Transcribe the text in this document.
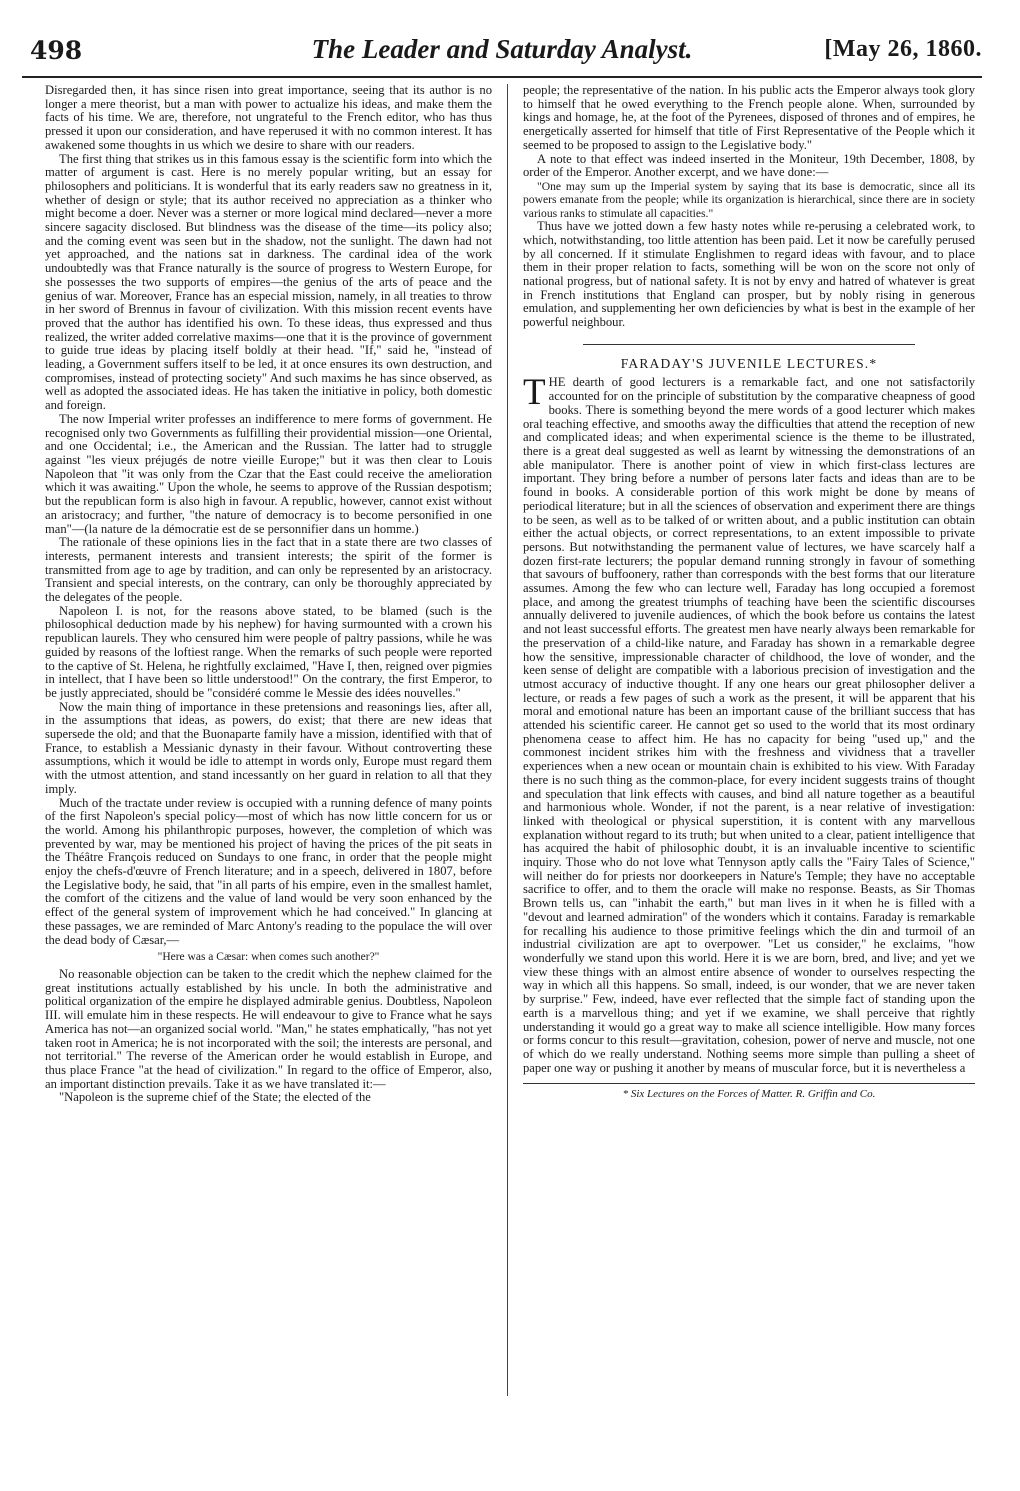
498	The Leader and Saturday Analyst.	[May 26, 1860.

Disregarded then, it has since risen into great importance, seeing that its author is no longer a mere theorist, but a man with power to actualize his ideas, and make them the facts of his time. We are, therefore, not ungrateful to the French editor, who has thus pressed it upon our consideration, and have reperused it with no common interest. It has awakened some thoughts in us which we desire to share with our readers.

The first thing that strikes us in this famous essay is the scientific form into which the matter of argument is cast. Here is no merely popular writing, but an essay for philosophers and politicians. It is wonderful that its early readers saw no greatness in it, whether of design or style; that its author received no appreciation as a thinker who might become a doer. Never was a sterner or more logical mind declared—never a more sincere sagacity disclosed. But blindness was the disease of the time—its policy also; and the coming event was seen but in the shadow, not the sunlight. The dawn had not yet approached, and the nations sat in darkness. The cardinal idea of the work undoubtedly was that France naturally is the source of progress to Western Europe, for she possesses the two supports of empires—the genius of the arts of peace and the genius of war. Moreover, France has an especial mission, namely, in all treaties to throw in her sword of Brennus in favour of civilization. With this mission recent events have proved that the author has identified his own. To these ideas, thus expressed and thus realized, the writer added correlative maxims—one that it is the province of government to guide true ideas by placing itself boldly at their head. "If," said he, "instead of leading, a Government suffers itself to be led, it at once ensures its own destruction, and compromises, instead of protecting society" And such maxims he has since observed, as well as adopted the associated ideas. He has taken the initiative in policy, both domestic and foreign.

The now Imperial writer professes an indifference to mere forms of government. He recognised only two Governments as fulfilling their providential mission—one Oriental, and one Occidental; i.e., the American and the Russian. The latter had to struggle against "les vieux préjugés de notre vieille Europe;" but it was then clear to Louis Napoleon that "it was only from the Czar that the East could receive the amelioration which it was awaiting." Upon the whole, he seems to approve of the Russian despotism; but the republican form is also high in favour. A republic, however, cannot exist without an aristocracy; and further, "the nature of democracy is to become personified in one man"—(la nature de la démocratie est de se personnifier dans un homme.)

The rationale of these opinions lies in the fact that in a state there are two classes of interests, permanent interests and transient interests; the spirit of the former is transmitted from age to age by tradition, and can only be represented by an aristocracy. Transient and special interests, on the contrary, can only be thoroughly appreciated by the delegates of the people.

Napoleon I. is not, for the reasons above stated, to be blamed (such is the philosophical deduction made by his nephew) for having surmounted with a crown his republican laurels. They who censured him were people of paltry passions, while he was guided by reasons of the loftiest range. When the remarks of such people were reported to the captive of St. Helena, he rightfully exclaimed, "Have I, then, reigned over pigmies in intellect, that I have been so little understood!" On the contrary, the first Emperor, to be justly appreciated, should be "considéré comme le Messie des idées nouvelles."

Now the main thing of importance in these pretensions and reasonings lies, after all, in the assumptions that ideas, as powers, do exist; that there are new ideas that supersede the old; and that the Buonaparte family have a mission, identified with that of France, to establish a Messianic dynasty in their favour. Without controverting these assumptions, which it would be idle to attempt in words only, Europe must regard them with the utmost attention, and stand incessantly on her guard in relation to all that they imply.

Much of the tractate under review is occupied with a running defence of many points of the first Napoleon's special policy—most of which has now little concern for us or the world. Among his philanthropic purposes, however, the completion of which was prevented by war, may be mentioned his project of having the prices of the pit seats in the Théâtre François reduced on Sundays to one franc, in order that the people might enjoy the chefs-d'œuvre of French literature; and in a speech, delivered in 1807, before the Legislative body, he said, that "in all parts of his empire, even in the smallest hamlet, the comfort of the citizens and the value of land would be very soon enhanced by the effect of the general system of improvement which he had conceived." In glancing at these passages, we are reminded of Marc Antony's reading to the populace the will over the dead body of Cæsar,—

"Here was a Cæsar: when comes such another?"

No reasonable objection can be taken to the credit which the nephew claimed for the great institutions actually established by his uncle. In both the administrative and political organization of the empire he displayed admirable genius. Doubtless, Napoleon III. will emulate him in these respects. He will endeavour to give to France what he says America has not—an organized social world. "Man," he states emphatically, "has not yet taken root in America; he is not incorporated with the soil; the interests are personal, and not territorial." The reverse of the American order he would establish in Europe, and thus place France "at the head of civilization." In regard to the office of Emperor, also, an important distinction prevails. Take it as we have translated it:—

"Napoleon is the supreme chief of the State; the elected of the

people; the representative of the nation. In his public acts the Emperor always took glory to himself that he owed everything to the French people alone. When, surrounded by kings and homage, he, at the foot of the Pyrenees, disposed of thrones and of empires, he energetically asserted for himself that title of First Representative of the People which it seemed to be proposed to assign to the Legislative body."

A note to that effect was indeed inserted in the Moniteur, 19th December, 1808, by order of the Emperor. Another excerpt, and we have done:—

"One may sum up the Imperial system by saying that its base is democratic, since all its powers emanate from the people; while its organization is hierarchical, since there are in society various ranks to stimulate all capacities."

Thus have we jotted down a few hasty notes while re-perusing a celebrated work, to which, notwithstanding, too little attention has been paid. Let it now be carefully perused by all concerned. If it stimulate Englishmen to regard ideas with favour, and to place them in their proper relation to facts, something will be won on the score not only of national progress, but of national safety. It is not by envy and hatred of whatever is great in French institutions that England can prosper, but by nobly rising in generous emulation, and supplementing her own deficiencies by what is best in the example of her powerful neighbour.

FARADAY'S JUVENILE LECTURES.*

THE dearth of good lecturers is a remarkable fact, and one not satisfactorily accounted for on the principle of substitution by the comparative cheapness of good books. There is something beyond the mere words of a good lecturer which makes oral teaching effective, and smooths away the difficulties that attend the reception of new and complicated ideas; and when experimental science is the theme to be illustrated, there is a great deal suggested as well as learnt by witnessing the demonstrations of an able manipulator. There is another point of view in which first-class lectures are important. They bring before a number of persons later facts and ideas than are to be found in books. A considerable portion of this work might be done by means of periodical literature; but in all the sciences of observation and experiment there are things to be seen, as well as to be talked of or written about, and a public institution can obtain either the actual objects, or correct representations, to an extent impossible to private persons. But notwithstanding the permanent value of lectures, we have scarcely half a dozen first-rate lecturers; the popular demand running strongly in favour of something that savours of buffoonery, rather than corresponds with the best forms that our literature assumes. Among the few who can lecture well, Faraday has long occupied a foremost place, and among the greatest triumphs of teaching have been the scientific discourses annually delivered to juvenile audiences, of which the book before us contains the latest and not least successful efforts. The greatest men have nearly always been remarkable for the preservation of a child-like nature, and Faraday has shown in a remarkable degree how the sensitive, impressionable character of childhood, the love of wonder, and the keen sense of delight are compatible with a laborious precision of investigation and the utmost accuracy of inductive thought. If any one hears our great philosopher deliver a lecture, or reads a few pages of such a work as the present, it will be apparent that his moral and emotional nature has been an important cause of the brilliant success that has attended his scientific career. He cannot get so used to the world that its most ordinary phenomena cease to affect him. He has no capacity for being "used up," and the commonest incident strikes him with the freshness and vividness that a traveller experiences when a new ocean or mountain chain is exhibited to his view. With Faraday there is no such thing as the common-place, for every incident suggests trains of thought and speculation that link effects with causes, and bind all nature together as a beautiful and harmonious whole. Wonder, if not the parent, is a near relative of investigation: linked with theological or physical superstition, it is content with any marvellous explanation without regard to its truth; but when united to a clear, patient intelligence that has acquired the habit of philosophic doubt, it is an invaluable incentive to scientific inquiry. Those who do not love what Tennyson aptly calls the "Fairy Tales of Science," will neither do for priests nor doorkeepers in Nature's Temple; they have no acceptable sacrifice to offer, and to them the oracle will make no response. Beasts, as Sir Thomas Brown tells us, can "inhabit the earth," but man lives in it when he is filled with a "devout and learned admiration" of the wonders which it contains. Faraday is remarkable for recalling his audience to those primitive feelings which the din and turmoil of an industrial civilization are apt to overpower. "Let us consider," he exclaims, "how wonderfully we stand upon this world. Here it is we are born, bred, and live; and yet we view these things with an almost entire absence of wonder to ourselves respecting the way in which all this happens. So small, indeed, is our wonder, that we are never taken by surprise." Few, indeed, have ever reflected that the simple fact of standing upon the earth is a marvellous thing; and yet if we examine, we shall perceive that rightly understanding it would go a great way to make all science intelligible. How many forces or forms concur to this result—gravitation, cohesion, power of nerve and muscle, not one of which do we really understand. Nothing seems more simple than pulling a sheet of paper one way or pushing it another by means of muscular force, but it is nevertheless a

* Six Lectures on the Forces of Matter. R. Griffin and Co.
